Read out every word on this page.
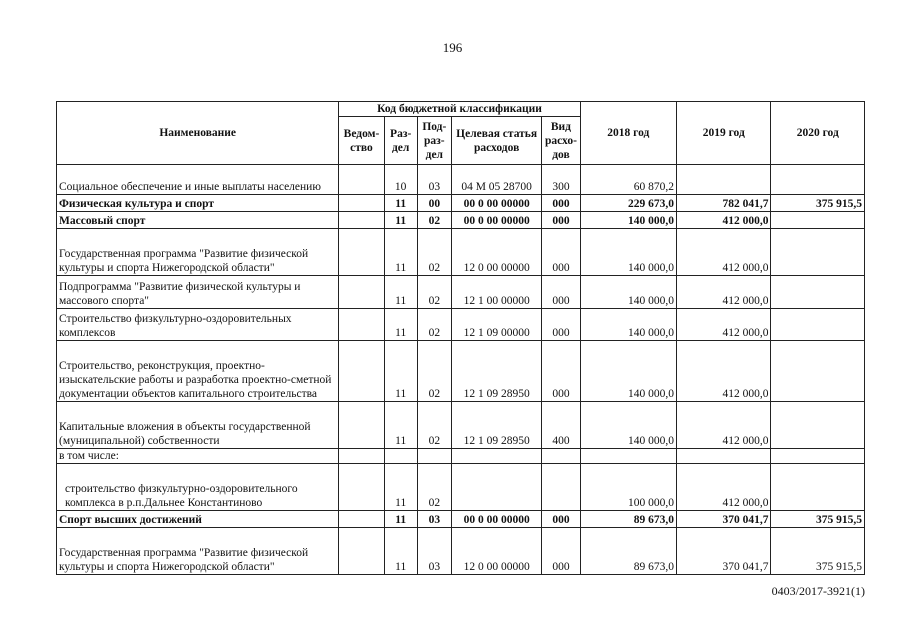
196
Наименование	Код бюджетной классификации					2018 год	2019 год	2020 год
	Ведом-ство	Раз-дел	Под-раз-дел	Целевая статья расходов	Вид расхо-дов			
Социальное обеспечение и иные выплаты населению		10	03	04 М 05 28700	300	60 870,2		
Физическая культура и спорт		11	00	00 0 00 00000	000	229 673,0	782 041,7	375 915,5
Массовый спорт		11	02	00 0 00 00000	000	140 000,0	412 000,0	
Государственная программа "Развитие физической культуры и спорта Нижегородской области"		11	02	12 0 00 00000	000	140 000,0	412 000,0	
Подпрограмма "Развитие физической культуры и массового спорта"		11	02	12 1 00 00000	000	140 000,0	412 000,0	
Строительство физкультурно-оздоровительных комплексов		11	02	12 1 09 00000	000	140 000,0	412 000,0	
Строительство, реконструкция, проектно-изыскательские работы и разработка проектно-сметной документации объектов капитального строительства		11	02	12 1 09 28950	000	140 000,0	412 000,0	
Капитальные вложения в объекты государственной (муниципальной) собственности		11	02	12 1 09 28950	400	140 000,0	412 000,0	
в том числе:								
строительство физкультурно-оздоровительного комплекса в р.п.Дальнее Константиново		11	02			100 000,0	412 000,0	
Спорт высших достижений		11	03	00 0 00 00000	000	89 673,0	370 041,7	375 915,5
Государственная программа "Развитие физической культуры и спорта Нижегородской области"		11	03	12 0 00 00000	000	89 673,0	370 041,7	375 915,5
0403/2017-3921(1)
